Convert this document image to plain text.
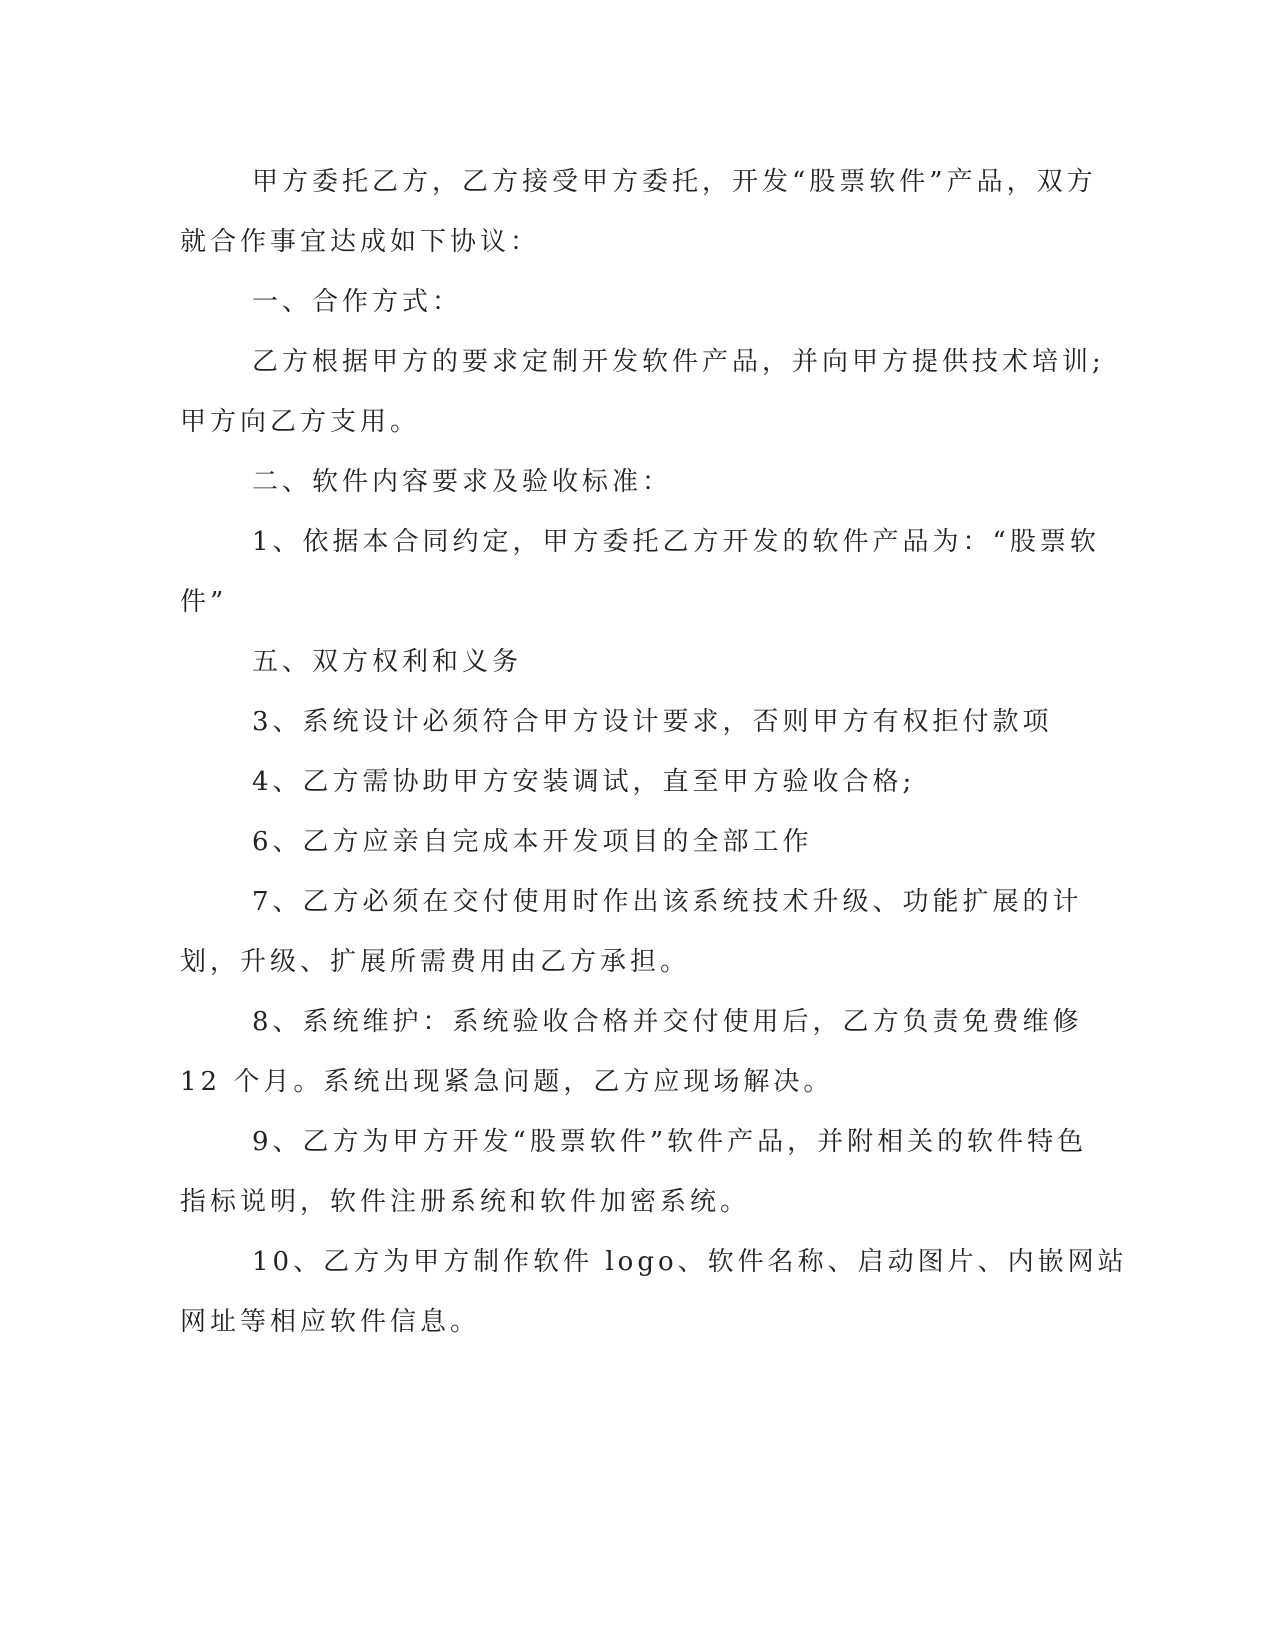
甲方委托乙方，乙方接受甲方委托，开发“股票软件”产品，双方

就合作事宜达成如下协议：

一、合作方式：

乙方根据甲方的要求定制开发软件产品，并向甲方提供技术培训;

甲方向乙方支用。

二、软件内容要求及验收标准：

1、依据本合同约定，甲方委托乙方开发的软件产品为：“股票软

件”

五、双方权利和义务

3、系统设计必须符合甲方设计要求，否则甲方有权拒付款项

4、乙方需协助甲方安装调试，直至甲方验收合格;

6、乙方应亲自完成本开发项目的全部工作

7、乙方必须在交付使用时作出该系统技术升级、功能扩展的计

划，升级、扩展所需费用由乙方承担。

8、系统维护：系统验收合格并交付使用后，乙方负责免费维修

12 个月。系统出现紧急问题，乙方应现场解决。

9、乙方为甲方开发“股票软件”软件产品，并附相关的软件特色

指标说明，软件注册系统和软件加密系统。

10、乙方为甲方制作软件 logo、软件名称、启动图片、内嵌网站

网址等相应软件信息。
